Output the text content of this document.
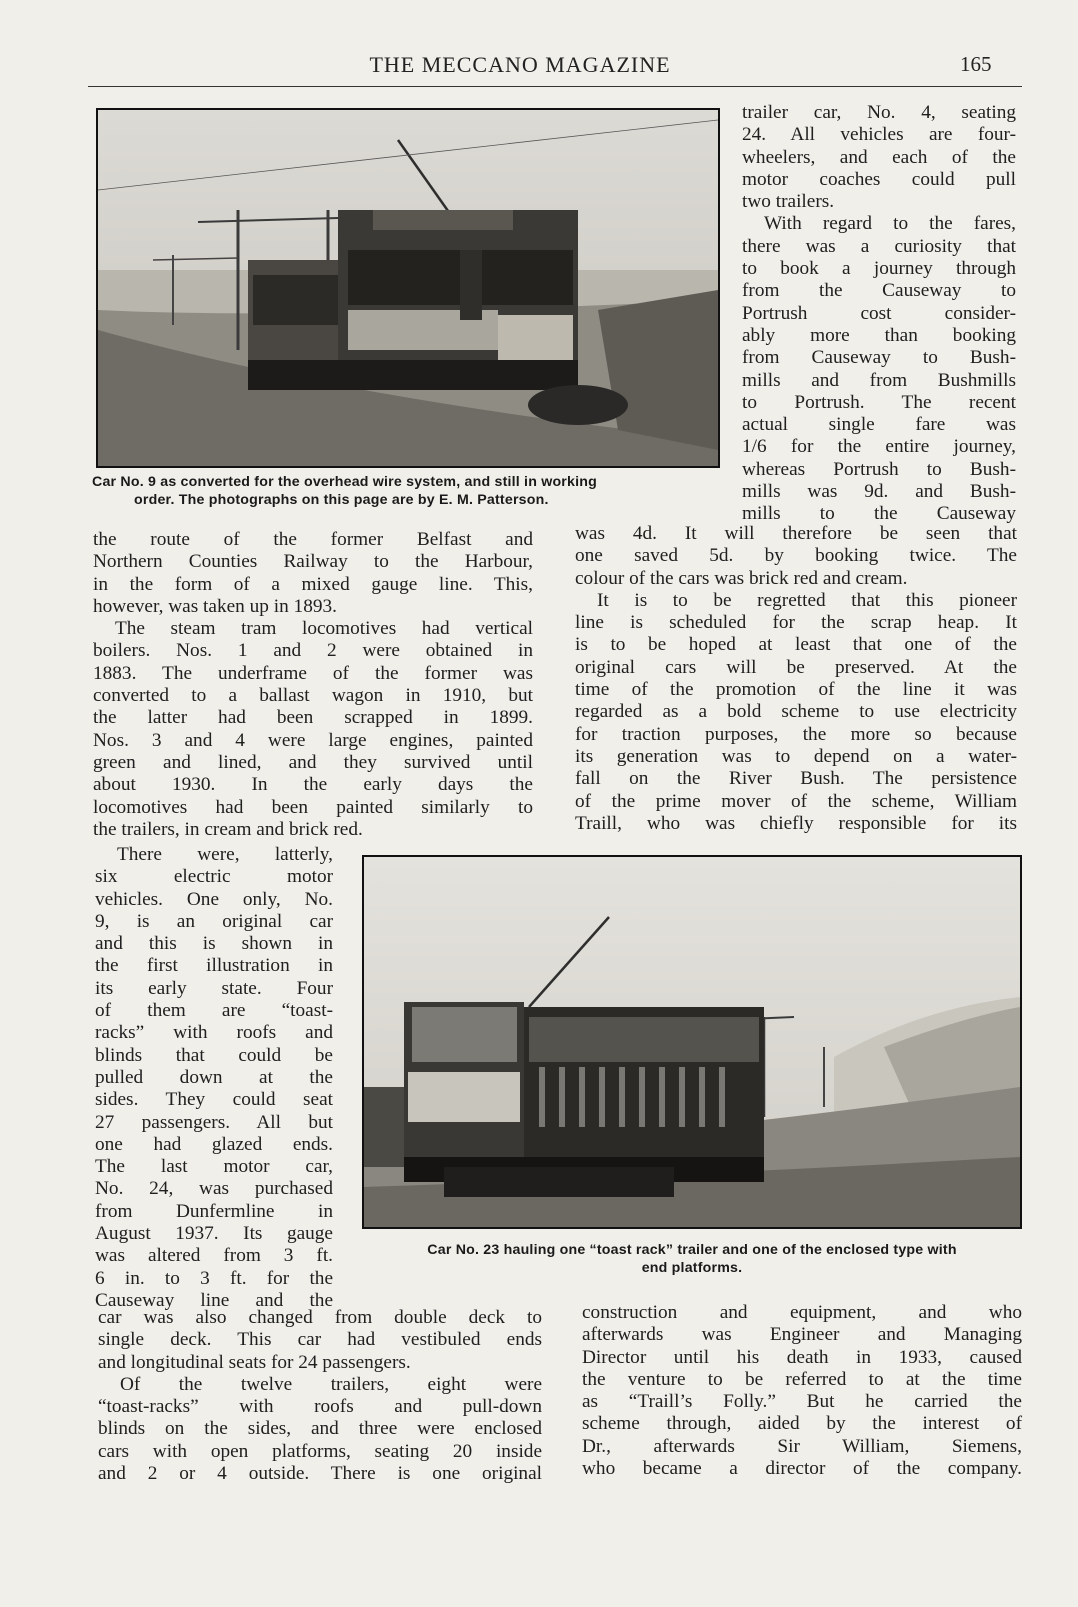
THE MECCANO MAGAZINE	165
Car No. 9 as converted for the overhead wire system, and still in working
order. The photographs on this page are by E. M. Patterson.
trailer car, No. 4, seating
24. All vehicles are four-
wheelers, and each of the
motor coaches could pull
two trailers.
With regard to the fares,
there was a curiosity that
to book a journey through
from the Causeway to
Portrush cost consider-
ably more than booking
from Causeway to Bush-
mills and from Bushmills
to Portrush. The recent
actual single fare was
1/6 for the entire journey,
whereas Portrush to Bush-
mills was 9d. and Bush-
mills to the Causeway
the route of the former Belfast and
Northern Counties Railway to the Harbour,
in the form of a mixed gauge line. This,
however, was taken up in 1893.
The steam tram locomotives had vertical
boilers. Nos. 1 and 2 were obtained in
1883. The underframe of the former was
converted to a ballast wagon in 1910, but
the latter had been scrapped in 1899.
Nos. 3 and 4 were large engines, painted
green and lined, and they survived until
about 1930. In the early days the
locomotives had been painted similarly to
the trailers, in cream and brick red.
was 4d. It will therefore be seen that
one saved 5d. by booking twice. The
colour of the cars was brick red and cream.
It is to be regretted that this pioneer
line is scheduled for the scrap heap. It
is to be hoped at least that one of the
original cars will be preserved. At the
time of the promotion of the line it was
regarded as a bold scheme to use electricity
for traction purposes, the more so because
its generation was to depend on a water-
fall on the River Bush. The persistence
of the prime mover of the scheme, William
Traill, who was chiefly responsible for its
There were, latterly,
six electric motor
vehicles. One only, No.
9, is an original car
and this is shown in
the first illustration in
its early state. Four
of them are “toast-
racks” with roofs and
blinds that could be
pulled down at the
sides. They could seat
27 passengers. All but
one had glazed ends.
The last motor car,
No. 24, was purchased
from Dunfermline in
August 1937. Its gauge
was altered from 3 ft.
6 in. to 3 ft. for the
Causeway line and the
Car No. 23 hauling one “toast rack” trailer and one of the enclosed type with
end platforms.
car was also changed from double deck to
single deck. This car had vestibuled ends
and longitudinal seats for 24 passengers.
Of the twelve trailers, eight were
“toast-racks” with roofs and pull-down
blinds on the sides, and three were enclosed
cars with open platforms, seating 20 inside
and 2 or 4 outside. There is one original
construction and equipment, and who
afterwards was Engineer and Managing
Director until his death in 1933, caused
the venture to be referred to at the time
as “Traill’s Folly.” But he carried the
scheme through, aided by the interest of
Dr., afterwards Sir William, Siemens,
who became a director of the company.
